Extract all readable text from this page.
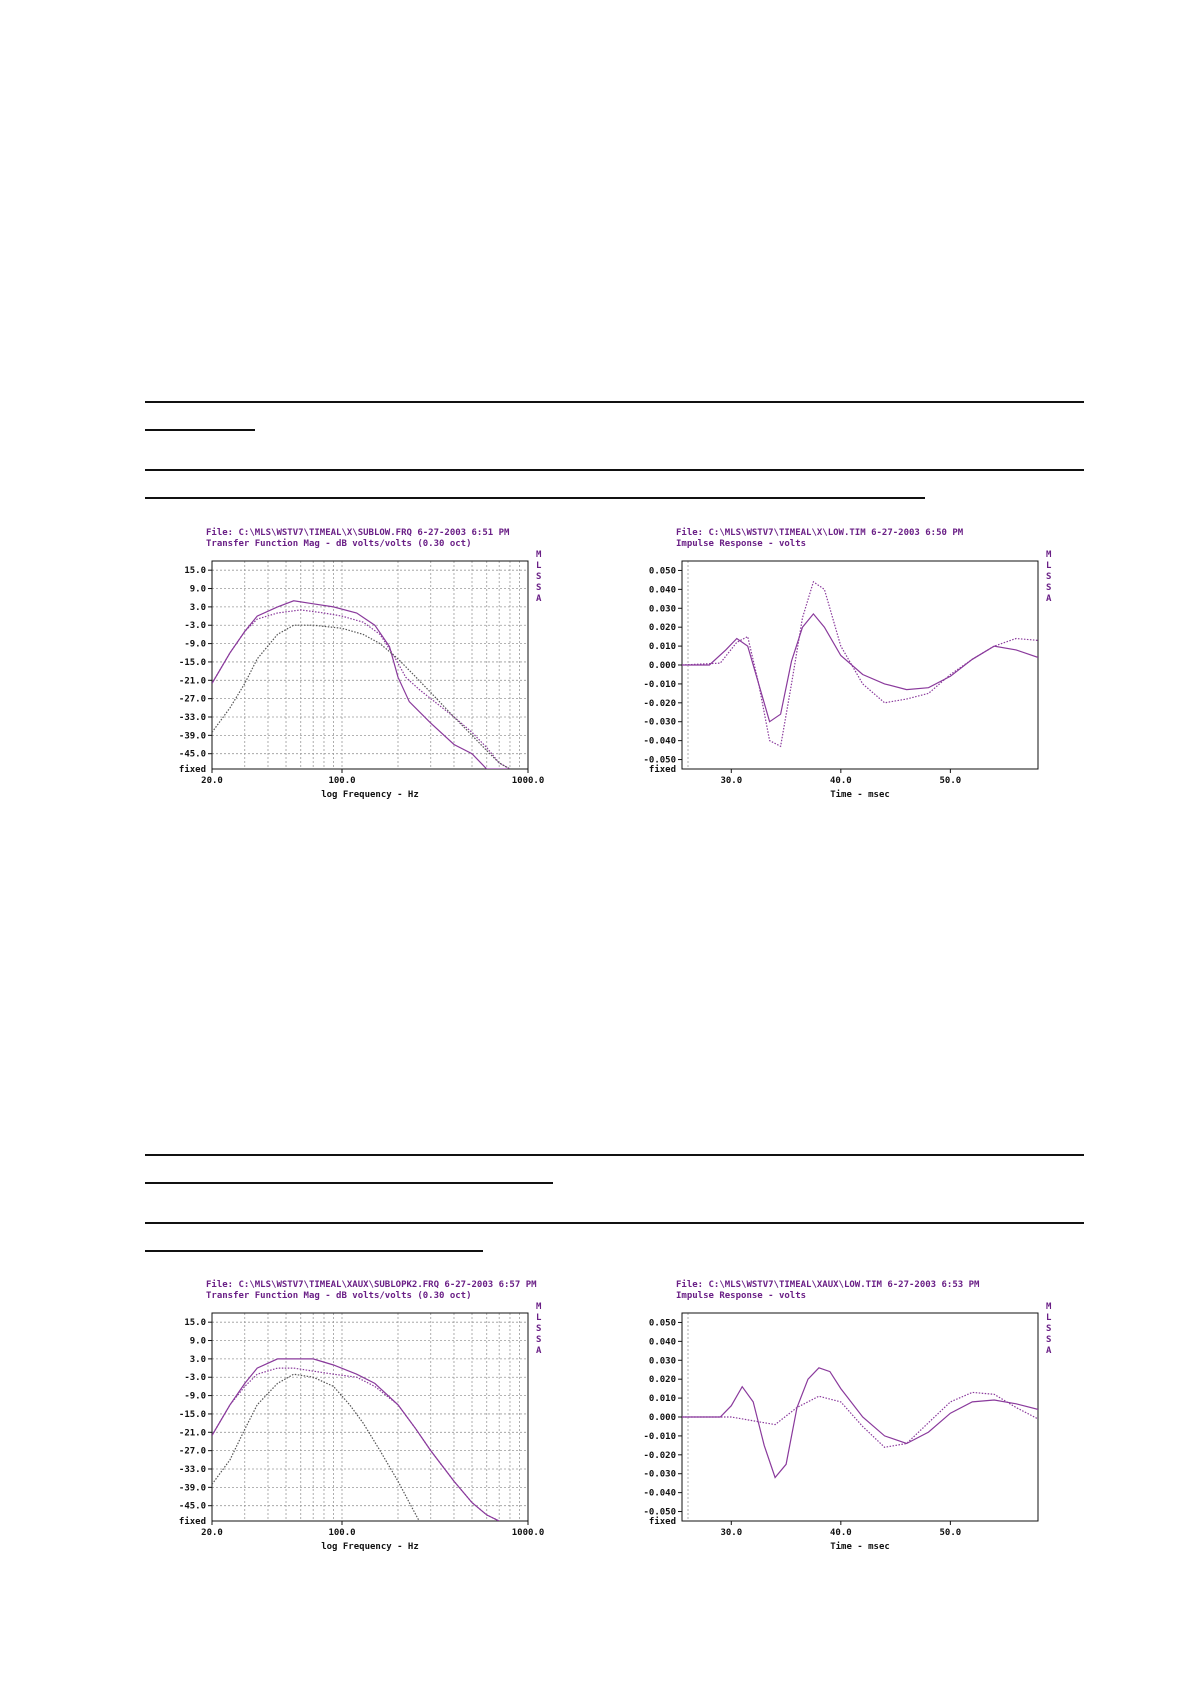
File: C:\MLS\WSTV7\TIMEAL\X\SUBLOW.FRQ 6-27-2003 6:51 PM
Transfer Function Mag - dB volts/volts (0.30 oct)
15.0
9.0
3.0
-3.0
-9.0
-15.0
-21.0
-27.0
-33.0
-39.0
-45.0
fixed
20.0	100.0	1000.0
log Frequency - Hz
M
L
S
S
A
File: C:\MLS\WSTV7\TIMEAL\X\LOW.TIM 6-27-2003 6:50 PM
Impulse Response - volts
0.050
0.040
0.030
0.020
0.010
0.000
-0.010
-0.020
-0.030
-0.040
-0.050
fixed
30.0	40.0	50.0
Time - msec
M
L
S
S
A
File: C:\MLS\WSTV7\TIMEAL\XAUX\SUBLOPK2.FRQ 6-27-2003 6:57 PM
Transfer Function Mag - dB volts/volts (0.30 oct)
15.0
9.0
3.0
-3.0
-9.0
-15.0
-21.0
-27.0
-33.0
-39.0
-45.0
fixed
20.0	100.0	1000.0
log Frequency - Hz
M
L
S
S
A
File: C:\MLS\WSTV7\TIMEAL\XAUX\LOW.TIM 6-27-2003 6:53 PM
Impulse Response - volts
0.050
0.040
0.030
0.020
0.010
0.000
-0.010
-0.020
-0.030
-0.040
-0.050
fixed
30.0	40.0	50.0
Time - msec
M
L
S
S
A
